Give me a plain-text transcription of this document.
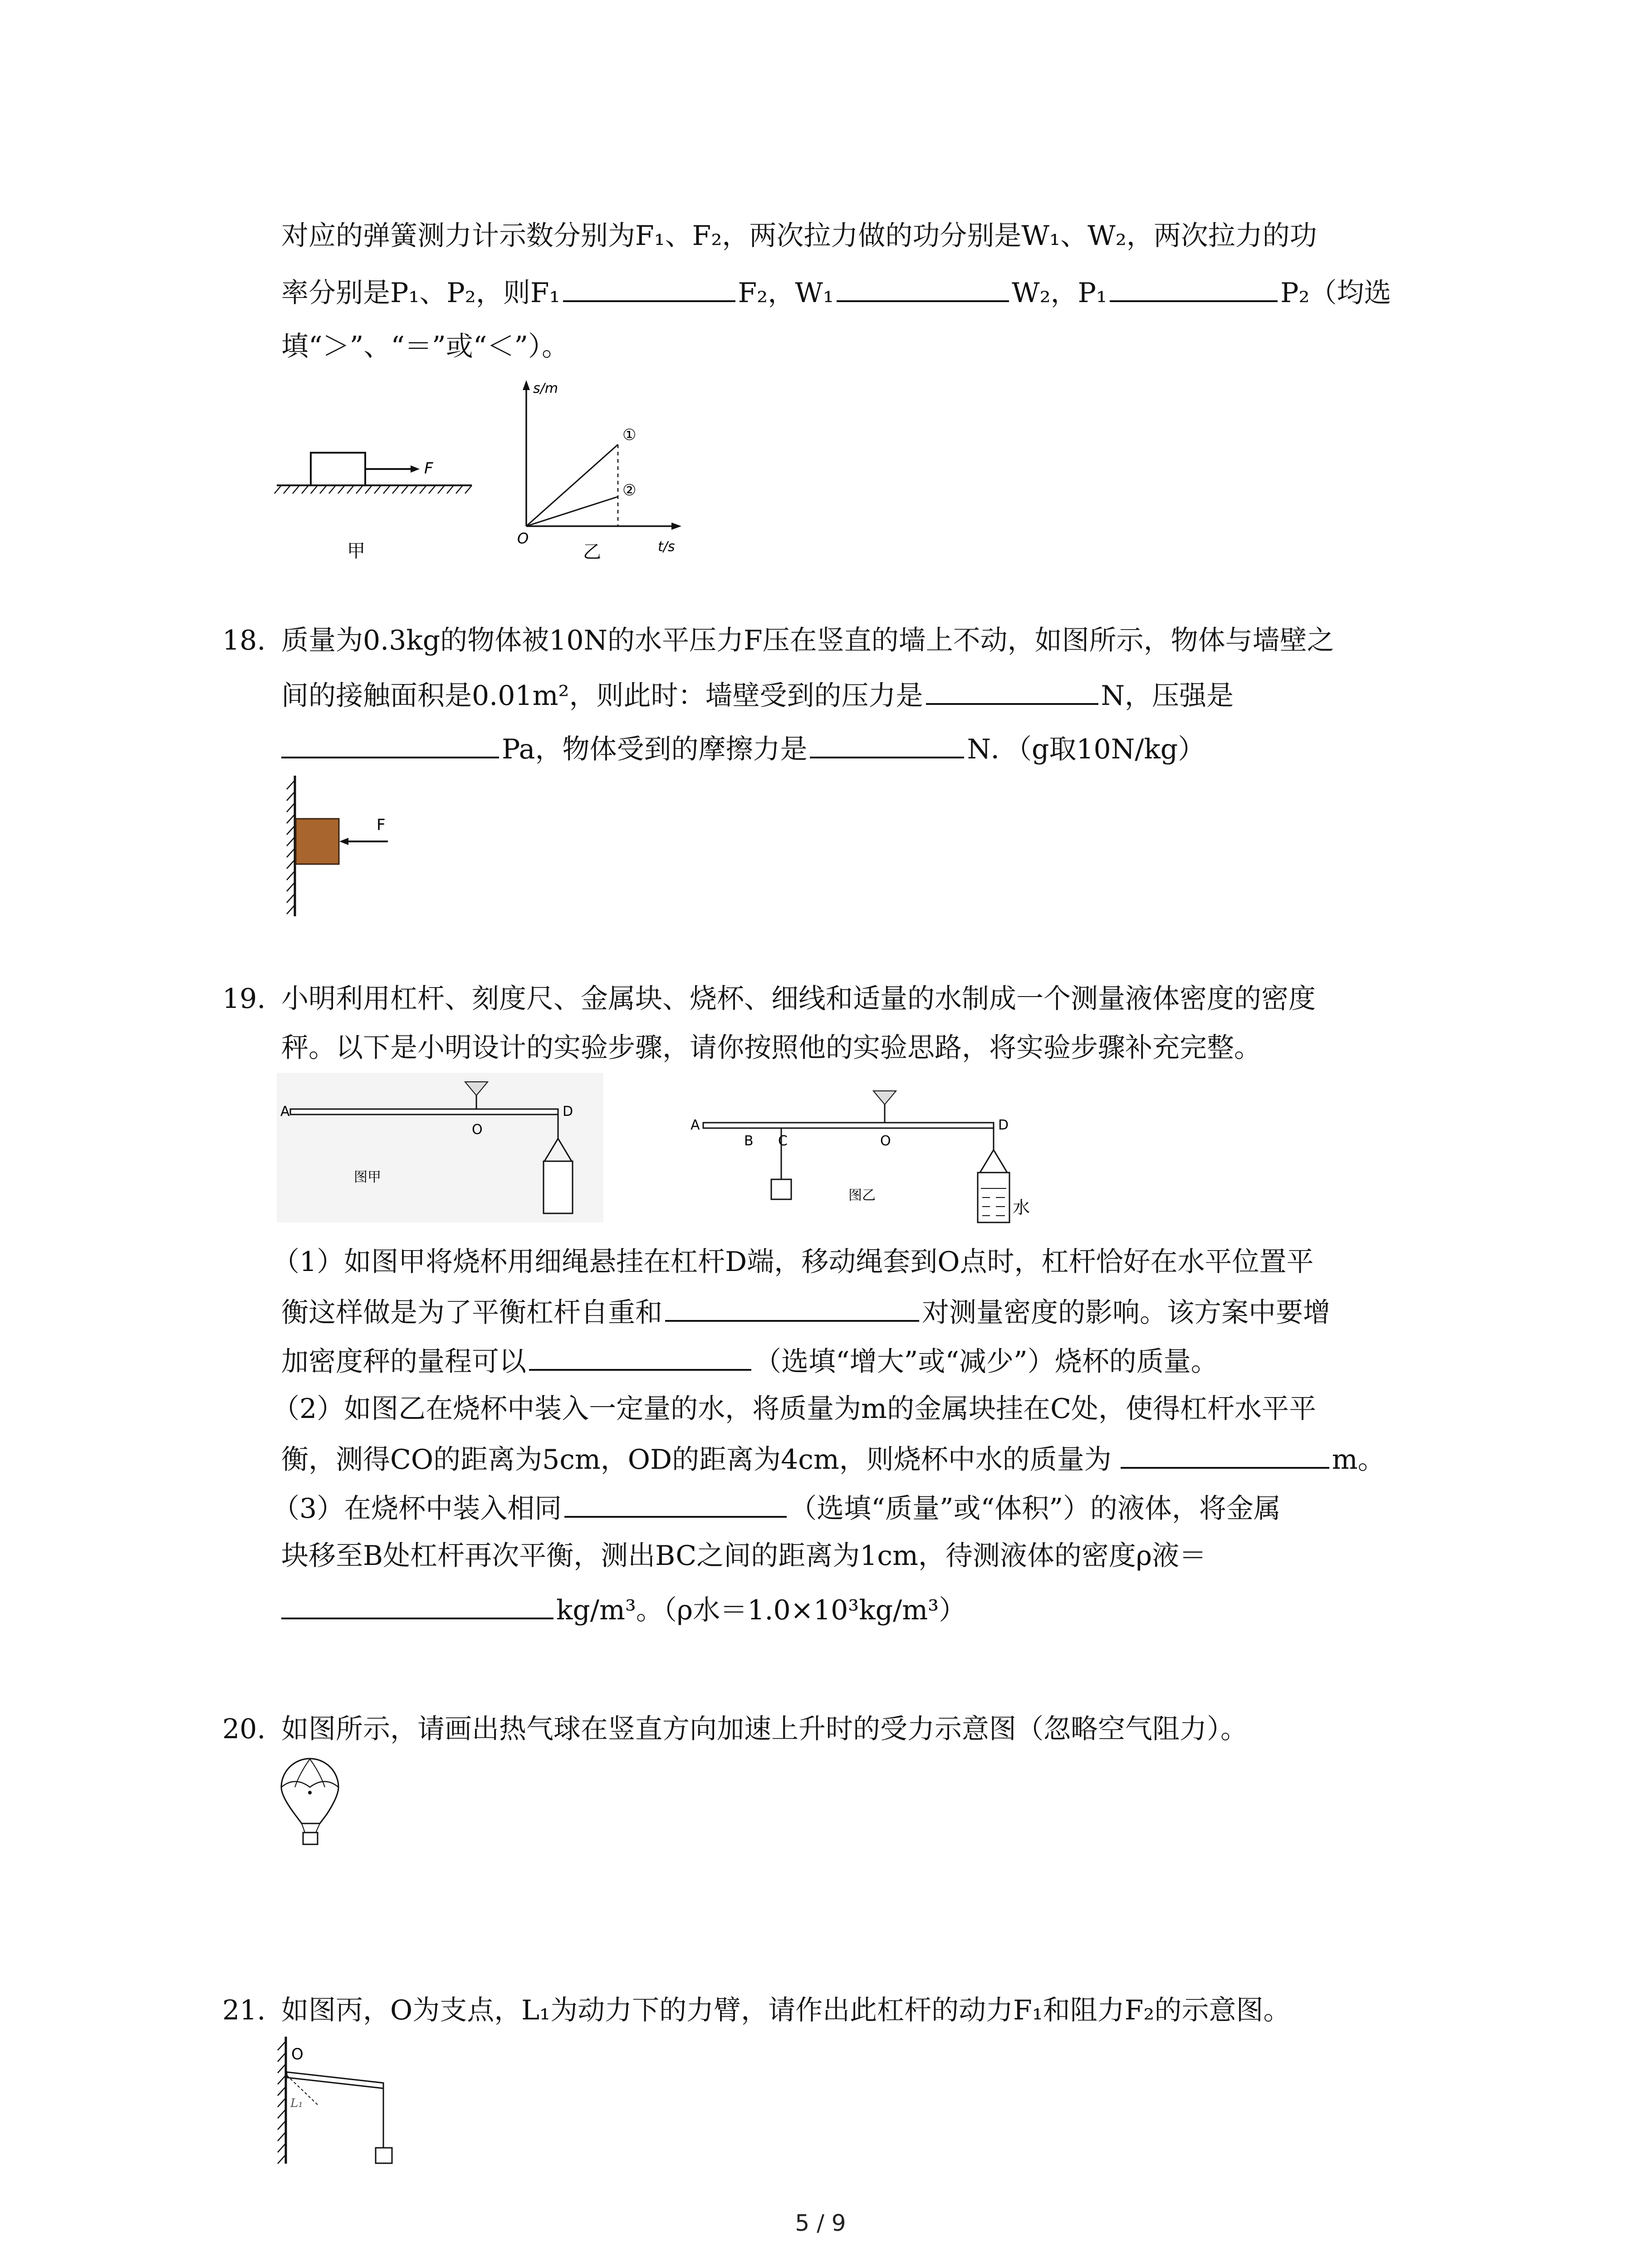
对应的弹簧测力计示数分别为F₁、F₂，两次拉力做的功分别是W₁、W₂，两次拉力的功
率分别是P₁、P₂，则F₁	F₂，W₁	W₂，P₁	P₂（均选
填“＞”、“＝”或“＜”）。
F
甲
s/m
t/s
O
①
②
乙
18. 质量为0.3kg的物体被10N的水平压力F压在竖直的墙上不动，如图所示，物体与墙壁之
间的接触面积是0.01m²，则此时：墙壁受到的压力是	N，压强是
Pa，物体受到的摩擦力是	N．（g取10N/kg）
F
19. 小明利用杠杆、刻度尺、金属块、烧杯、细线和适量的水制成一个测量液体密度的密度
秤。以下是小明设计的实验步骤，请你按照他的实验思路，将实验步骤补充完整。
A
O
D
图甲
A
B C	O
D
水
图乙
（1）如图甲将烧杯用细绳悬挂在杠杆D端，移动绳套到O点时，杠杆恰好在水平位置平
衡这样做是为了平衡杠杆自重和	对测量密度的影响。该方案中要增
加密度秤的量程可以	（选填“增大”或“减少”）烧杯的质量。
（2）如图乙在烧杯中装入一定量的水，将质量为m的金属块挂在C处，使得杠杆水平平
衡，测得CO的距离为5cm，OD的距离为4cm，则烧杯中水的质量为	m。
（3）在烧杯中装入相同	（选填“质量”或“体积”）的液体，将金属
块移至B处杠杆再次平衡，测出BC之间的距离为1cm，待测液体的密度ρ液＝
kg/m³。（ρ水＝1.0×10³kg/m³）
20. 如图所示，请画出热气球在竖直方向加速上升时的受力示意图（忽略空气阻力）。
21. 如图丙，O为支点，L₁为动力下的力臂，请作出此杠杆的动力F₁和阻力F₂的示意图。
O
L₁
5 / 9
